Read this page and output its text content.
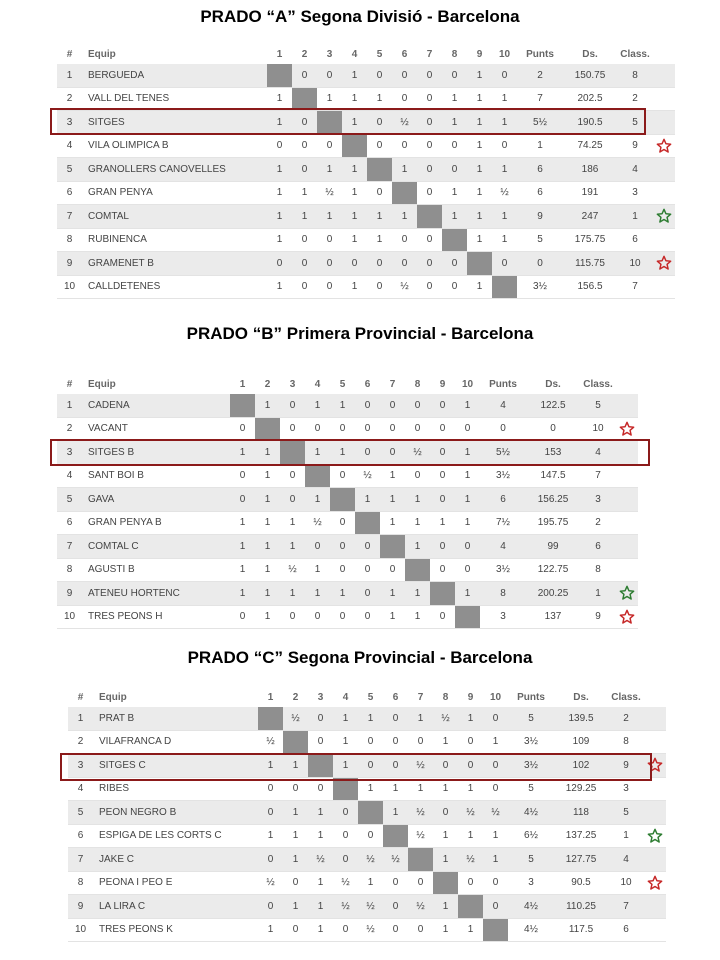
PRADO “A” Segona Divisió - Barcelona
#	Equip	1	2	3	4	5	6	7	8	9	10	Punts	Ds.	Class.	
1	BERGUEDA		0	0	1	0	0	0	0	1	0	2	150.75	8	
2	VALL DEL TENES	1		1	1	1	0	0	1	1	1	7	202.5	2	
3	SITGES	1	0		1	0	½	0	1	1	1	5½	190.5	5	
4	VILA OLIMPICA B	0	0	0		0	0	0	0	1	0	1	74.25	9	

5	GRANOLLERS CANOVELLES	1	0	1	1		1	0	0	1	1	6	186	4	
6	GRAN PENYA	1	1	½	1	0		0	1	1	½	6	191	3	
7	COMTAL	1	1	1	1	1	1		1	1	1	9	247	1	

8	RUBINENCA	1	0	0	1	1	0	0		1	1	5	175.75	6	
9	GRAMENET B	0	0	0	0	0	0	0	0		0	0	115.75	10	

10	CALLDETENES	1	0	0	1	0	½	0	0	1		3½	156.5	7	
PRADO “B” Primera Provincial - Barcelona
#	Equip	1	2	3	4	5	6	7	8	9	10	Punts	Ds.	Class.	
1	CADENA		1	0	1	1	0	0	0	0	1	4	122.5	5	
2	VACANT	0		0	0	0	0	0	0	0	0	0	0	10	

3	SITGES B	1	1		1	1	0	0	½	0	1	5½	153	4	
4	SANT BOI B	0	1	0		0	½	1	0	0	1	3½	147.5	7	
5	GAVA	0	1	0	1		1	1	1	0	1	6	156.25	3	
6	GRAN PENYA B	1	1	1	½	0		1	1	1	1	7½	195.75	2	
7	COMTAL C	1	1	1	0	0	0		1	0	0	4	99	6	
8	AGUSTI B	1	1	½	1	0	0	0		0	0	3½	122.75	8	
9	ATENEU HORTENC	1	1	1	1	1	0	1	1		1	8	200.25	1	

10	TRES PEONS H	0	1	0	0	0	0	1	1	0		3	137	9	
PRADO “C” Segona Provincial - Barcelona
#	Equip	1	2	3	4	5	6	7	8	9	10	Punts	Ds.	Class.	
1	PRAT B		½	0	1	1	0	1	½	1	0	5	139.5	2	
2	VILAFRANCA D	½		0	1	0	0	0	1	0	1	3½	109	8	
3	SITGES C	1	1		1	0	0	½	0	0	0	3½	102	9	

4	RIBES	0	0	0		1	1	1	1	1	0	5	129.25	3	
5	PEON NEGRO B	0	1	1	0		1	½	0	½	½	4½	118	5	
6	ESPIGA DE LES CORTS C	1	1	1	0	0		½	1	1	1	6½	137.25	1	

7	JAKE C	0	1	½	0	½	½		1	½	1	5	127.75	4	
8	PEONA I PEO E	½	0	1	½	1	0	0		0	0	3	90.5	10	

9	LA LIRA C	0	1	1	½	½	0	½	1		0	4½	110.25	7	
10	TRES PEONS K	1	0	1	0	½	0	0	1	1		4½	117.5	6	
